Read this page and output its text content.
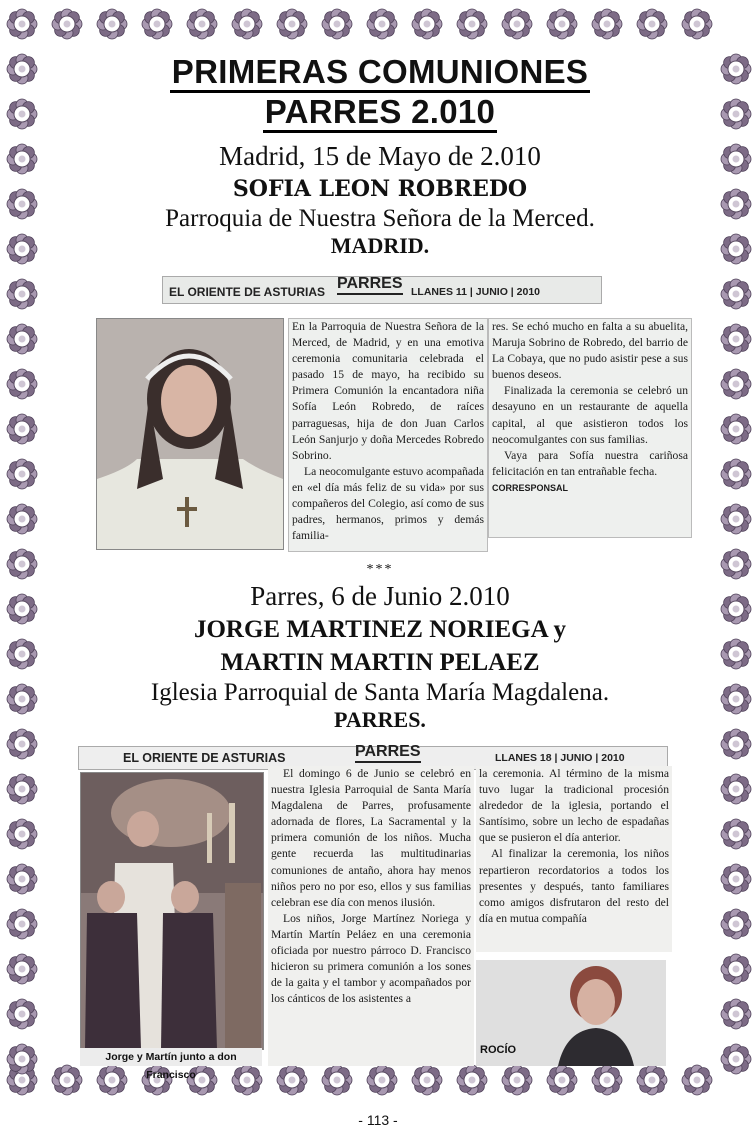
PRIMERAS COMUNIONES
PARRES 2.010
Madrid, 15 de Mayo de 2.010
SOFIA LEON ROBREDO
Parroquia de Nuestra Señora de la Merced.
MADRID.
EL ORIENTE DE ASTURIAS PARRES LLANES 11 | JUNIO | 2010

En la Parroquia de Nuestra Señora de la Merced, de Madrid, y en una emotiva ceremonia comunitaria celebrada el pasado 15 de mayo, ha recibido su Primera Comunión la encantadora niña Sofía León Robredo, de raíces parraguesas, hija de don Juan Carlos León Sanjurjo y doña Mercedes Robredo Sobrino.

La neocomulgante estuvo acompañada en «el día más feliz de su vida» por sus compañeros del Colegio, así como de sus padres, hermanos, primos y demás familia-

res. Se echó mucho en falta a su abuelita, Maruja Sobrino de Robredo, del barrio de La Cobaya, que no pudo asistir pese a sus buenos deseos.

Finalizada la ceremonia se celebró un desayuno en un restaurante de aquella capital, al que asistieron todos los neocomulgantes con sus familias.

Vaya para Sofía nuestra cariñosa felicitación en tan entrañable fecha.

CORRESPONSAL
***
Parres, 6 de Junio 2.010
JORGE MARTINEZ NORIEGA y
MARTIN MARTIN PELAEZ
Iglesia Parroquial de Santa María Magdalena.
PARRES.
EL ORIENTE DE ASTURIAS	PARRES	LLANES 18 | JUNIO | 2010
Jorge y Martín junto a don Francisco

El domingo 6 de Junio se celebró en nuestra Iglesia Parroquial de Santa María Magdalena de Parres, profusamente adornada de flores, La Sacramental y la primera comunión de los niños. Mucha gente recuerda las multitudinarias comuniones de antaño, ahora hay menos niños pero no por eso, ellos y sus familias celebran ese día con menos ilusión.

Los niños, Jorge Martínez Noriega y Martín Martín Peláez en una ceremonia oficiada por nuestro párroco D. Francisco hicieron su primera comunión a los sones de la gaita y el tambor y acompañados por los cánticos de los asistentes a

la ceremonia. Al término de la misma tuvo lugar la tradicional procesión alrededor de la iglesia, portando el Santísimo, sobre un lecho de espadañas que se pusieron el día anterior.

Al finalizar la ceremonia, los niños repartieron recordatorios a todos los presentes y después, tanto familiares como amigos disfrutaron del resto del día en mutua compañía

ROCÍO
- 113 -
